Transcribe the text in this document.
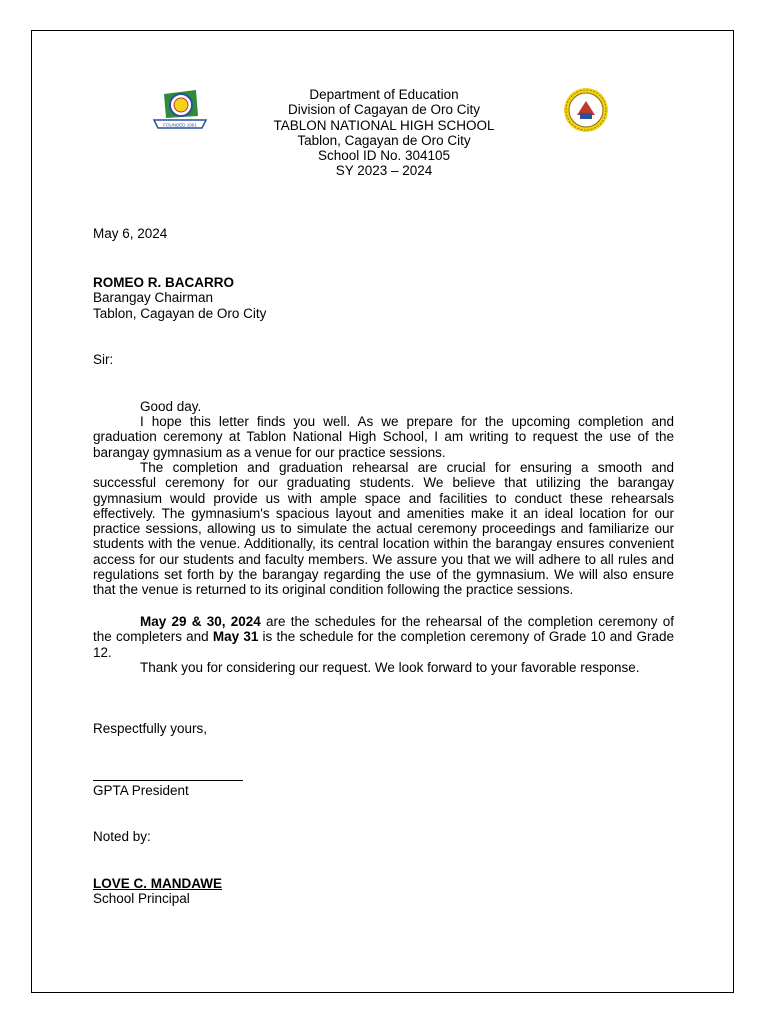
FOUNDED 1961
Department of Education
Division of Cagayan de Oro City
TABLON NATIONAL HIGH SCHOOL
Tablon, Cagayan de Oro City
School ID No. 304105
SY 2023 – 2024
May 6, 2024
ROMEO R. BACARRO
Barangay Chairman
Tablon, Cagayan de Oro City
Sir:
Good day.
I hope this letter finds you well. As we prepare for the upcoming completion and graduation ceremony at Tablon National High School, I am writing to request the use of the barangay gymnasium as a venue for our practice sessions.
The completion and graduation rehearsal are crucial for ensuring a smooth and successful ceremony for our graduating students. We believe that utilizing the barangay gymnasium would provide us with ample space and facilities to conduct these rehearsals effectively. The gymnasium's spacious layout and amenities make it an ideal location for our practice sessions, allowing us to simulate the actual ceremony proceedings and familiarize our students with the venue. Additionally, its central location within the barangay ensures convenient access for our students and faculty members. We assure you that we will adhere to all rules and regulations set forth by the barangay regarding the use of the gymnasium. We will also ensure that the venue is returned to its original condition following the practice sessions.
May 29 & 30, 2024 are the schedules for the rehearsal of the completion ceremony of the completers and May 31 is the schedule for the completion ceremony of Grade 10 and Grade 12.
Thank you for considering our request. We look forward to your favorable response.
Respectfully yours,
GPTA President
Noted by:
LOVE C. MANDAWE
School Principal
